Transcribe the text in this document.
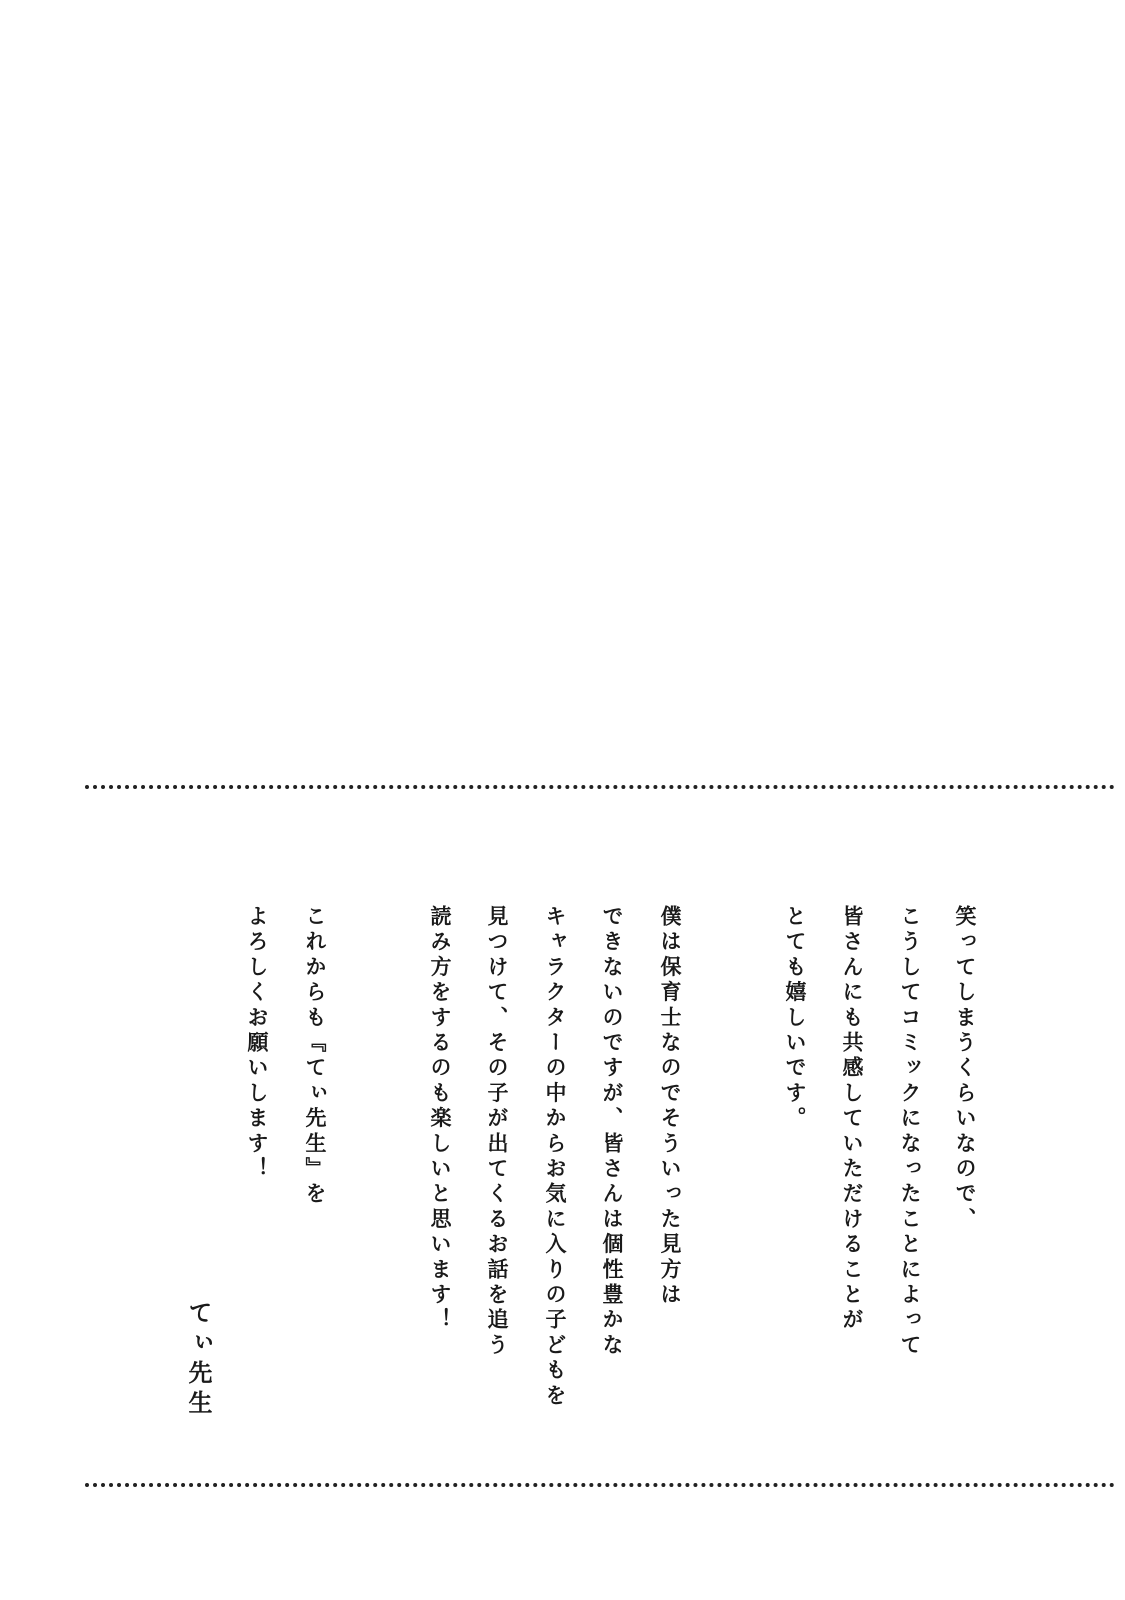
笑ってしまうくらいなので、
こうしてコミックになったことによって
皆さんにも共感していただけることが
とても嬉しいです。
僕は保育士なのでそういった見方は
できないのですが、皆さんは個性豊かな
キャラクターの中からお気に入りの子どもを
見つけて、その子が出てくるお話を追う
読み方をするのも楽しいと思います！
これからも『てぃ先生』を
よろしくお願いします！
てぃ先生
